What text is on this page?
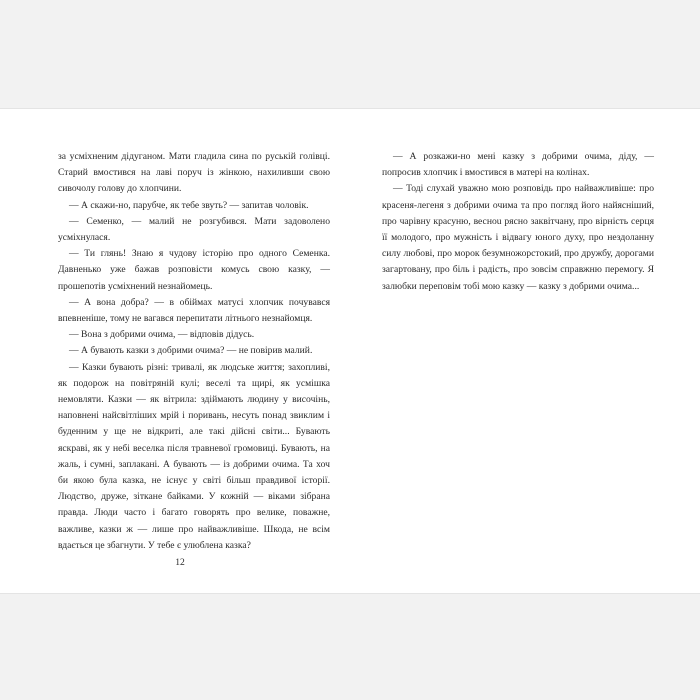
за усміхненим дідуганом. Мати гладила сина по руській голівці. Старий вмостився на лаві поруч із жінкою, нахиливши свою сивочолу голову до хлопчини.

— А скажи-но, парубче, як тебе звуть? — запитав чоловік.

— Семенко, — малий не розгубився. Мати задоволено усміхнулася.

— Ти глянь! Знаю я чудову історію про одного Семенка. Давненько уже бажав розповісти комусь свою казку, — прошепотів усміхнений незнайомець.

— А вона добра? — в обіймах матусі хлопчик почувався впевненіше, тому не вагався перепитати літнього незнайомця.

— Вона з добрими очима, — відповів дідусь.

— А бувають казки з добрими очима? — не повірив малий.

— Казки бувають різні: тривалі, як людське життя; захопливі, як подорож на повітряній кулі; веселі та щирі, як усмішка немовляти. Казки — як вітрила: здіймають людину у височінь, наповнені найсвітліших мрій і поривань, несуть понад звиклим і буденним у ще не відкриті, але такі дійсні світи... Бувають яскраві, як у небі веселка після травневої громовиці. Бувають, на жаль, і сумні, заплакані. А бувають — із добрими очима. Та хоч би якою була казка, не існує у світі більш правдивої історії. Людство, друже, зіткане байками. У кожній — віками зібрана правда. Люди часто і багато говорять про велике, поважне, важливе, казки ж — лише про найважливіше. Шкода, не всім вдається це збагнути. У тебе є улюблена казка?

— А розкажи-но мені казку з добрими очима, діду, — попросив хлопчик і вмостився в матері на колінах.

— Тоді слухай уважно мою розповідь про найважливіше: про красеня-легеня з добрими очима та про погляд його найясніший, про чарівну красуню, веснou рясно заквітчану, про вірність серця її молодого, про мужність і відвагу юного духу, про нездоланну силу любові, про морок безумножорстокий, про дружбу, дорогами загартовану, про біль і радість, про зовсім справжню перемогу. Я залюбки переповім тобі мою казку — казку з добрими очима...

12
